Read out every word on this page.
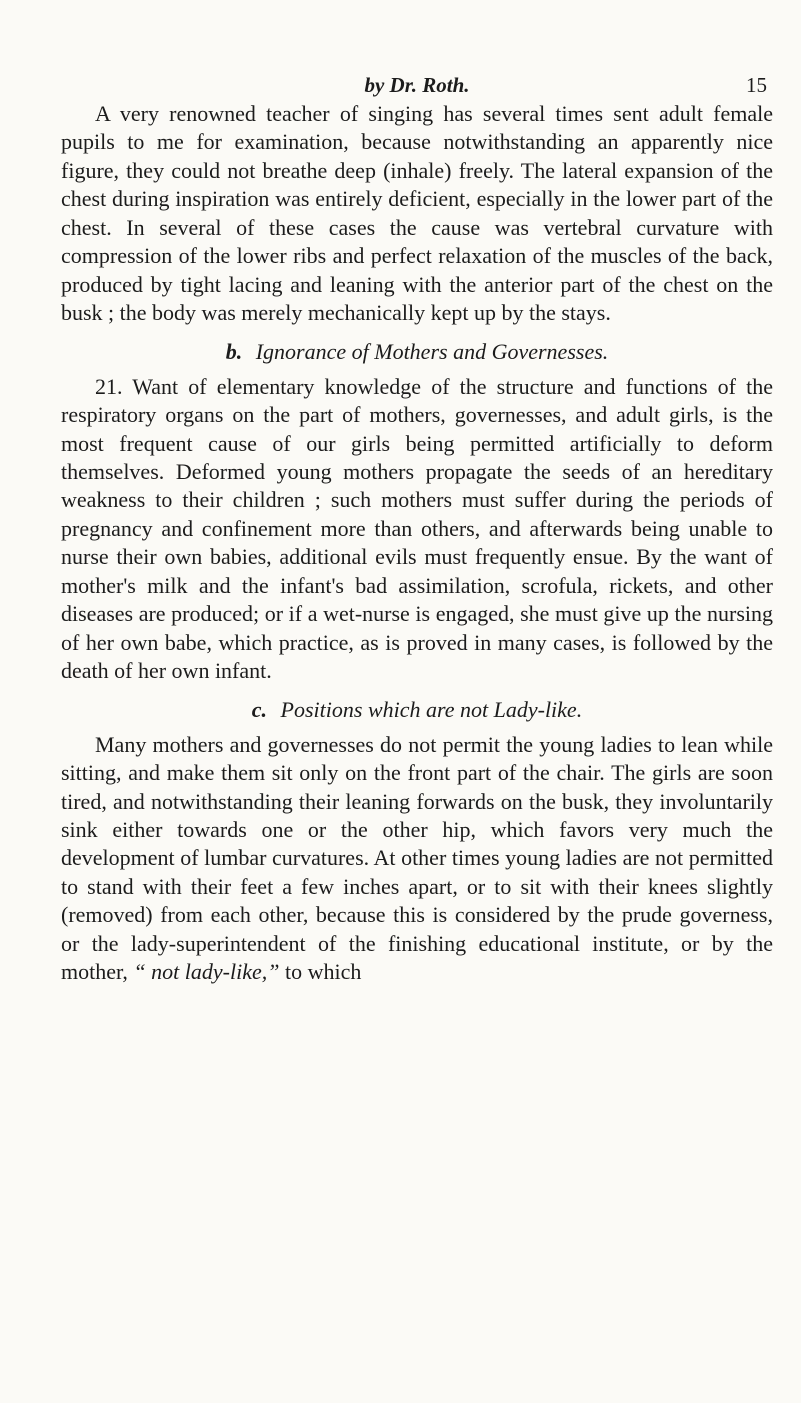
by Dr. Roth.	15

A very renowned teacher of singing has several times sent adult female pupils to me for examination, because notwithstanding an apparently nice figure, they could not breathe deep (inhale) freely. The lateral expansion of the chest during inspiration was entirely deficient, especially in the lower part of the chest. In several of these cases the cause was vertebral curvature with compression of the lower ribs and perfect relaxation of the muscles of the back, produced by tight lacing and leaning with the anterior part of the chest on the busk ; the body was merely mechanically kept up by the stays.

b. Ignorance of Mothers and Governesses.

21. Want of elementary knowledge of the structure and functions of the respiratory organs on the part of mothers, governesses, and adult girls, is the most frequent cause of our girls being permitted artificially to deform themselves. Deformed young mothers propagate the seeds of an hereditary weakness to their children ; such mothers must suffer during the periods of pregnancy and confinement more than others, and afterwards being unable to nurse their own babies, additional evils must frequently ensue. By the want of mother's milk and the infant's bad assimilation, scrofula, rickets, and other diseases are produced; or if a wet-nurse is engaged, she must give up the nursing of her own babe, which practice, as is proved in many cases, is followed by the death of her own infant.

c. Positions which are not Lady-like.

Many mothers and governesses do not permit the young ladies to lean while sitting, and make them sit only on the front part of the chair. The girls are soon tired, and notwithstanding their leaning forwards on the busk, they involuntarily sink either towards one or the other hip, which favors very much the development of lumbar curvatures. At other times young ladies are not permitted to stand with their feet a few inches apart, or to sit with their knees slightly (removed) from each other, because this is considered by the prude governess, or the lady-superintendent of the finishing educational institute, or by the mother, “ not lady-like,” to which
